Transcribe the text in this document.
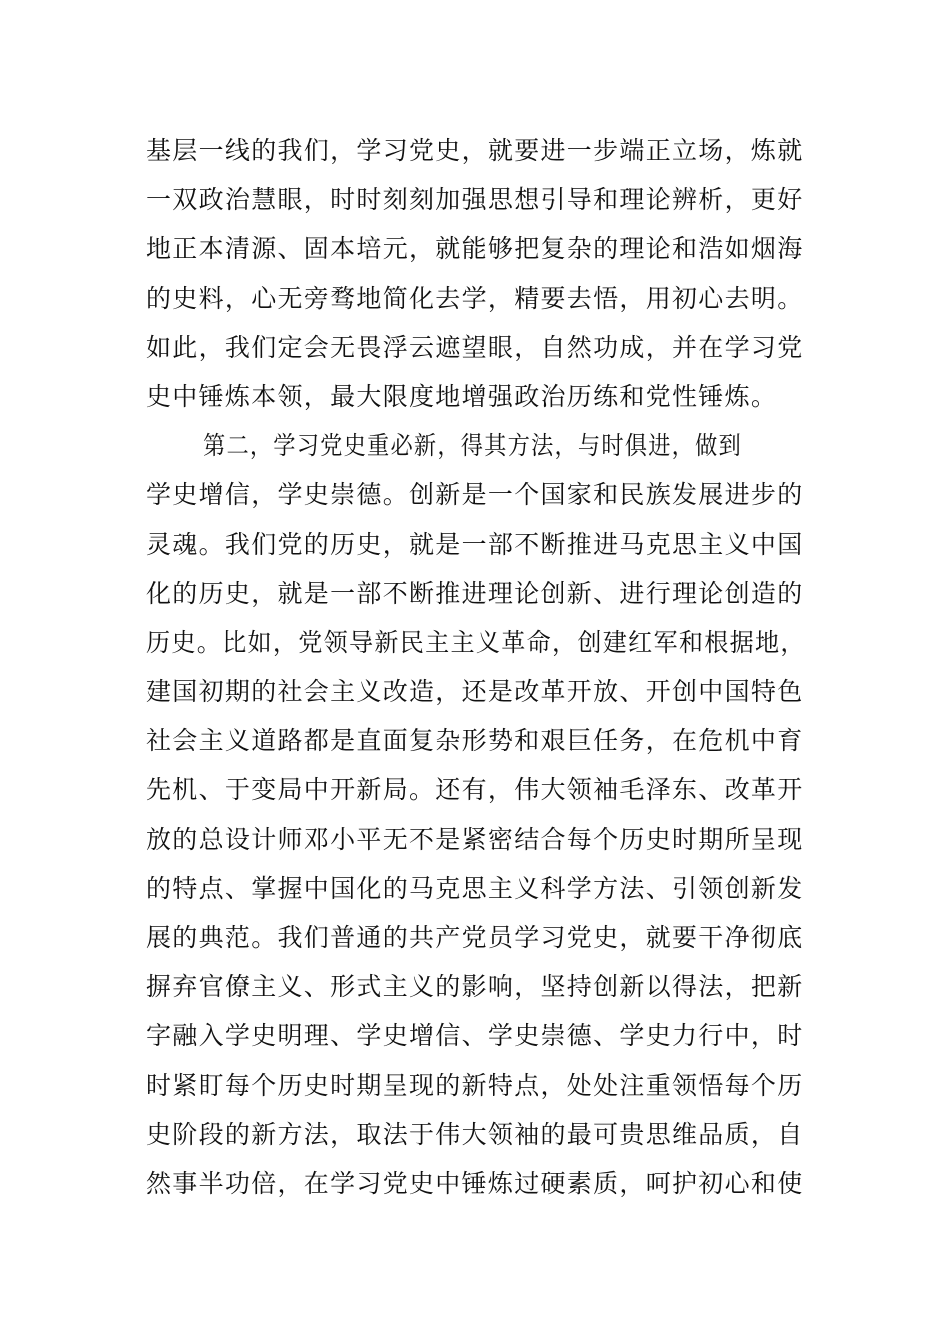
基层一线的我们，学习党史，就要进一步端正立场，炼就
一双政治慧眼，时时刻刻加强思想引导和理论辨析，更好
地正本清源、固本培元，就能够把复杂的理论和浩如烟海
的史料，心无旁骛地简化去学，精要去悟，用初心去明。
如此，我们定会无畏浮云遮望眼，自然功成，并在学习党
史中锤炼本领，最大限度地增强政治历练和党性锤炼。
第二，学习党史重必新，得其方法，与时俱进，做到
学史增信，学史崇德。创新是一个国家和民族发展进步的
灵魂。我们党的历史，就是一部不断推进马克思主义中国
化的历史，就是一部不断推进理论创新、进行理论创造的
历史。比如，党领导新民主主义革命，创建红军和根据地，
建国初期的社会主义改造，还是改革开放、开创中国特色
社会主义道路都是直面复杂形势和艰巨任务，在危机中育
先机、于变局中开新局。还有，伟大领袖毛泽东、改革开
放的总设计师邓小平无不是紧密结合每个历史时期所呈现
的特点、掌握中国化的马克思主义科学方法、引领创新发
展的典范。我们普通的共产党员学习党史，就要干净彻底
摒弃官僚主义、形式主义的影响，坚持创新以得法，把新
字融入学史明理、学史增信、学史崇德、学史力行中，时
时紧盯每个历史时期呈现的新特点，处处注重领悟每个历
史阶段的新方法，取法于伟大领袖的最可贵思维品质，自
然事半功倍，在学习党史中锤炼过硬素质，呵护初心和使
